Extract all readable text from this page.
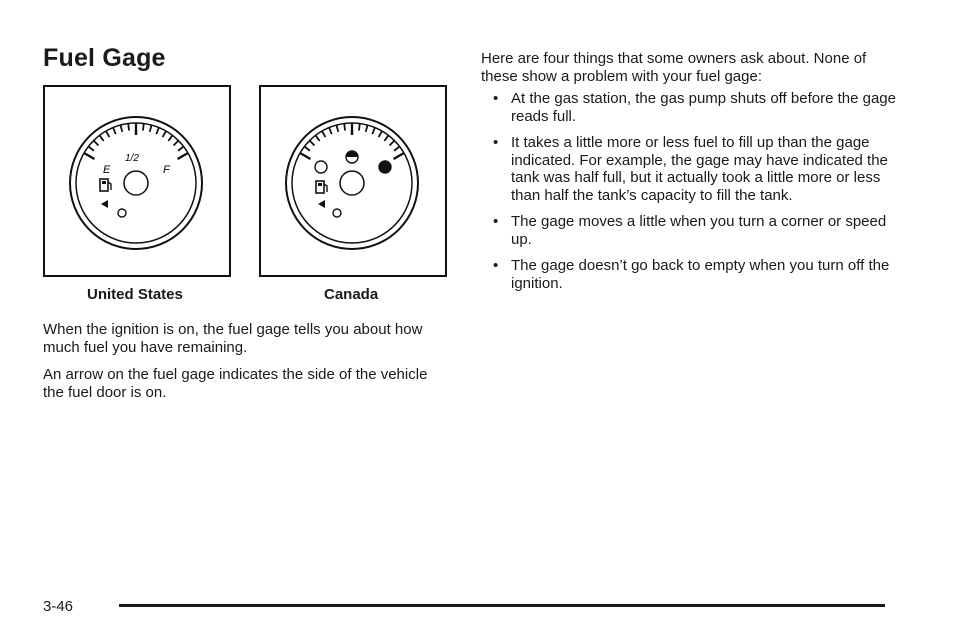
Fuel Gage
E
1/2
F
United States	Canada

When the ignition is on, the fuel gage tells you about how much fuel you have remaining.

An arrow on the fuel gage indicates the side of the vehicle the fuel door is on.

Here are four things that some owners ask about. None of these show a problem with your fuel gage:

• At the gas station, the gas pump shuts off before the gage reads full.
• It takes a little more or less fuel to fill up than the gage indicated. For example, the gage may have indicated the tank was half full, but it actually took a little more or less than half the tank’s capacity to fill the tank.
• The gage moves a little when you turn a corner or speed up.
• The gage doesn’t go back to empty when you turn off the ignition.
3-46
